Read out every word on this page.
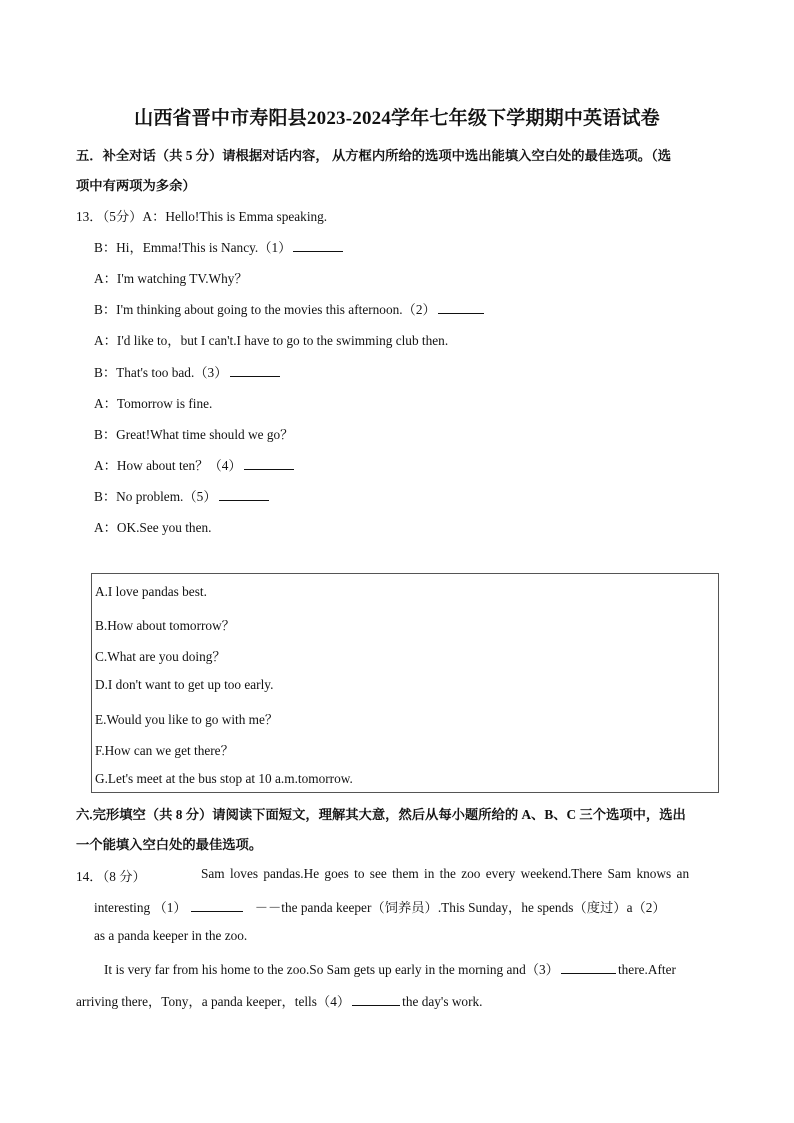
山西省晋中市寿阳县2023-2024学年七年级下学期期中英语试卷
五．补全对话（共 5 分）请根据对话内容， 从方框内所给的选项中选出能填入空白处的最佳选项。（选
项中有两项为多余）
13．（5分）A：Hello!This is Emma speaking.
B：Hi，Emma!This is Nancy.（1）
A：I'm watching TV.Why？
B：I'm thinking about going to the movies this afternoon.（2）
A：I'd like to，but I can't.I have to go to the swimming club then.
B：That's too bad.（3）
A：Tomorrow is fine.
B：Great!What time should we go？
A：How about ten？（4）
B：No problem.（5）
A：OK.See you then.
A.I love pandas best.
B.How about tomorrow？
C.What are you doing？
D.I don't want to get up too early.
E.Would you like to go with me？
F.How can we get there？
G.Let's meet at the bus stop at 10 a.m.tomorrow.
六.完形填空（共 8 分）请阅读下面短文，理解其大意，然后从每小题所给的 A、B、C 三个选项中，选出
一个能填入空白处的最佳选项。
14．（8 分）	Sam loves pandas.He goes to see them in the zoo every weekend.There Sam knows an
interesting （1）	－－the panda keeper（饲养员）.This Sunday，he spends（度过）a（2）
as a panda keeper in the zoo.
It is very far from his home to the zoo.So Sam gets up early in the morning and（3）	there.After
arriving there，Tony，a panda keeper，tells（4）	the day's work.
